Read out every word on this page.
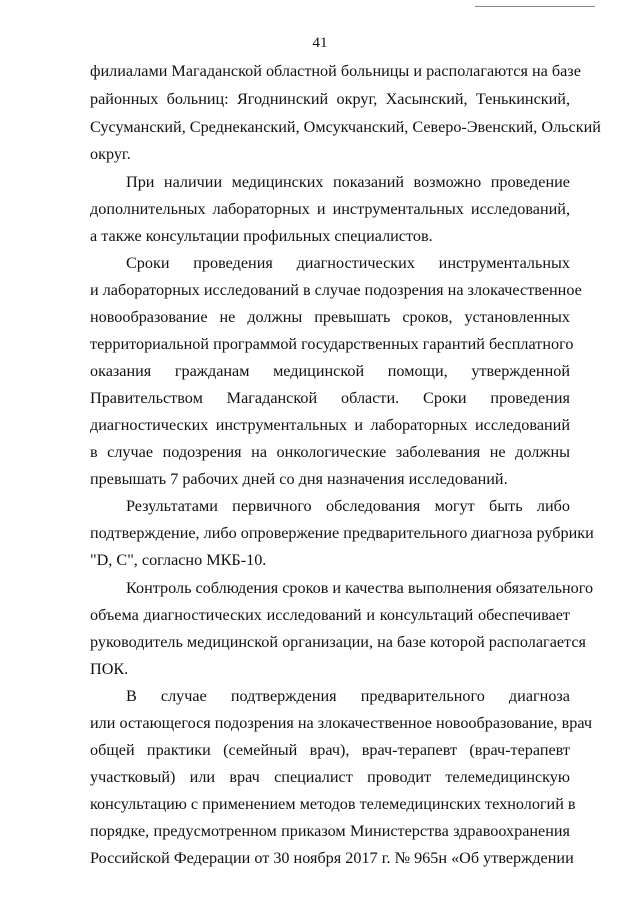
41
филиалами Магаданской областной больницы и располагаются на базе
районных больниц: Ягоднинский округ, Хасынский, Тенькинский,
Сусуманский, Среднеканский, Омсукчанский, Северо-Эвенский, Ольский
округ.
При наличии медицинских показаний возможно проведение
дополнительных лабораторных и инструментальных исследований,
а также консультации профильных специалистов.
Сроки проведения диагностических инструментальных
и лабораторных исследований в случае подозрения на злокачественное
новообразование не должны превышать сроков, установленных
территориальной программой государственных гарантий бесплатного
оказания гражданам медицинской помощи, утвержденной
Правительством Магаданской области. Сроки проведения
диагностических инструментальных и лабораторных исследований
в случае подозрения на онкологические заболевания не должны
превышать 7 рабочих дней со дня назначения исследований.
Результатами первичного обследования могут быть либо
подтверждение, либо опровержение предварительного диагноза рубрики
"D, C", согласно МКБ-10.
Контроль соблюдения сроков и качества выполнения обязательного
объема диагностических исследований и консультаций обеспечивает
руководитель медицинской организации, на базе которой располагается
ПОК.
В случае подтверждения предварительного диагноза
или остающегося подозрения на злокачественное новообразование, врач
общей практики (семейный врач), врач-терапевт (врач-терапевт
участковый) или врач специалист проводит телемедицинскую
консультацию с применением методов телемедицинских технологий в
порядке, предусмотренном приказом Министерства здравоохранения
Российской Федерации от 30 ноября 2017 г. № 965н «Об утверждении
